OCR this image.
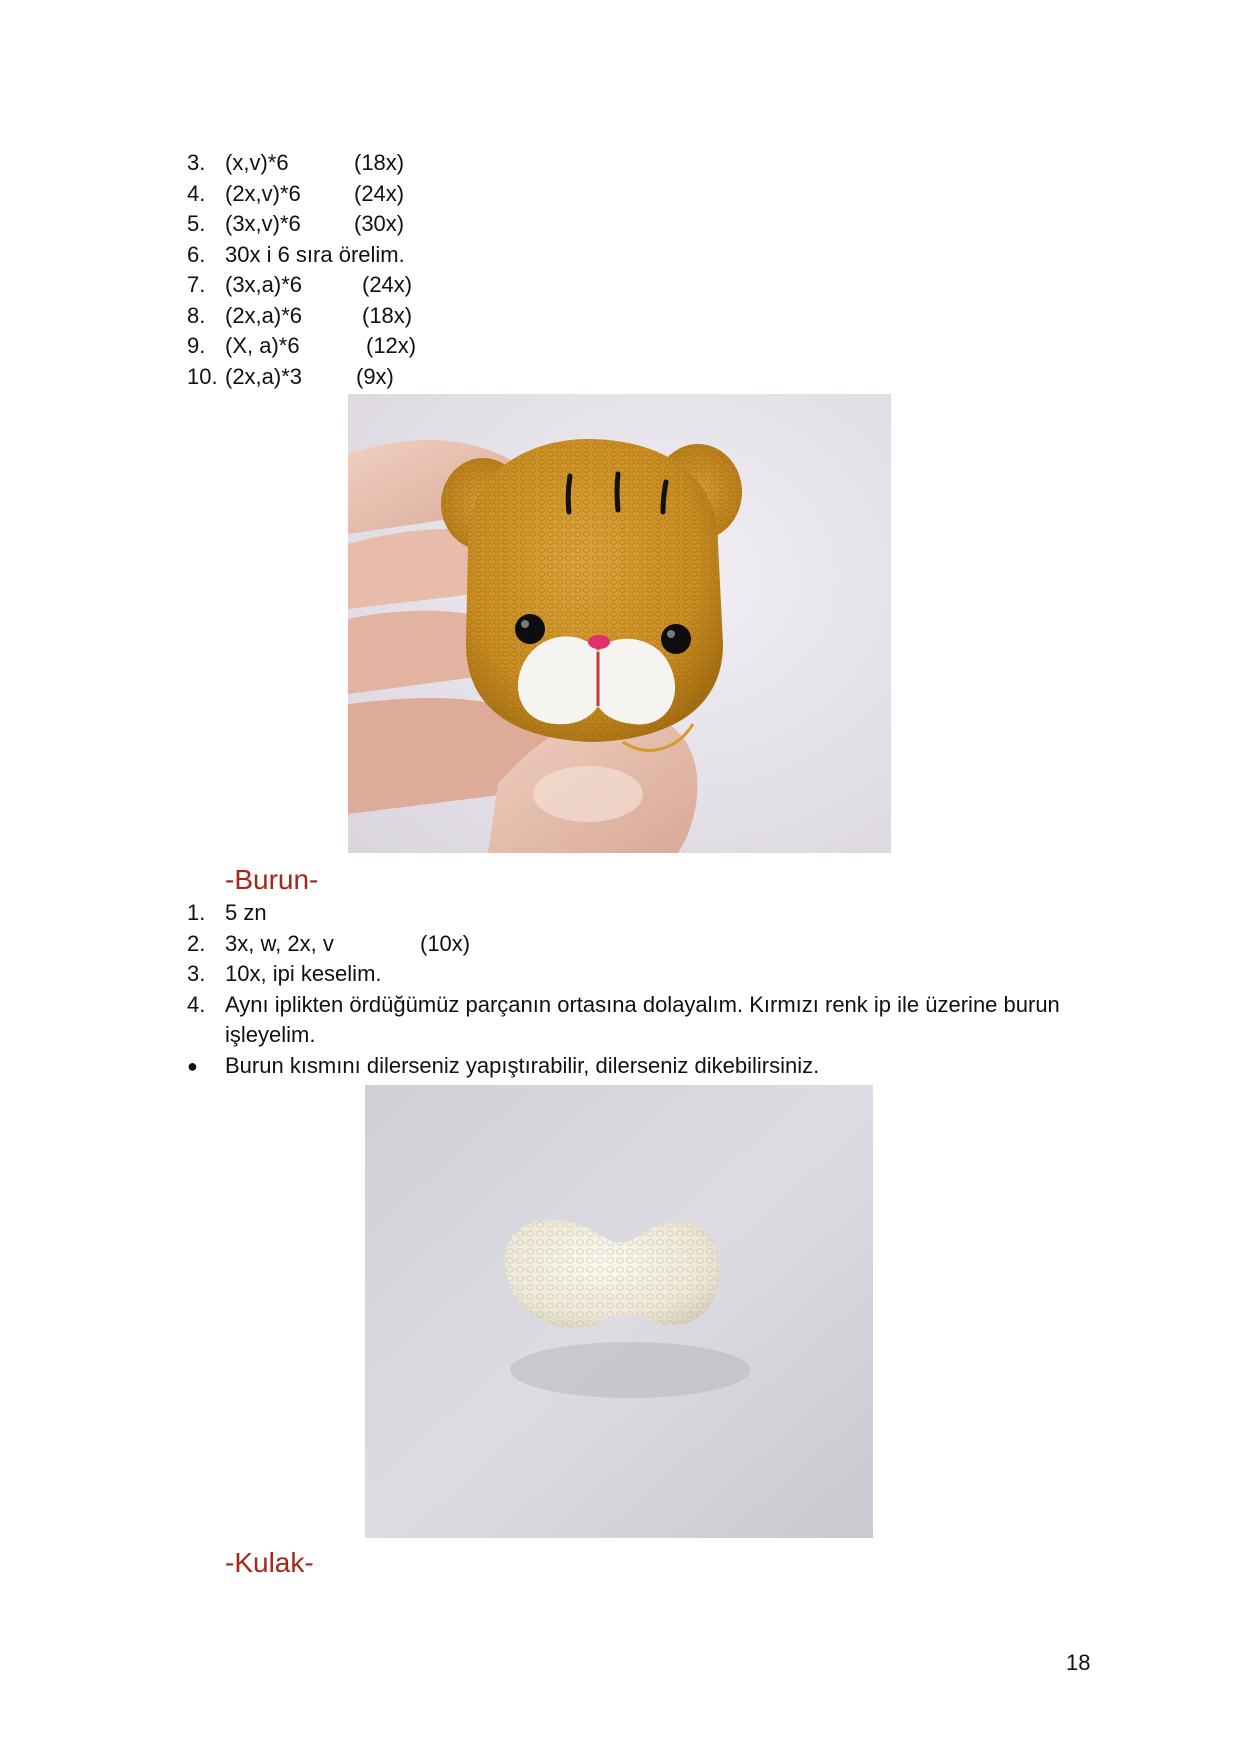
3. (x,v)*6	(18x)
4. (2x,v)*6 (24x)
5. (3x,v)*6 (30x)
6. 30x i 6 sıra örelim.
7. (3x,a)*6	(24x)
8. (2x,a)*6	(18x)
9. (X, a)*6	(12x)
10. (2x,a)*3 (9x)
-Burun-
1. 5 zn
2. 3x, w, 2x, v	(10x)
3. 10x, ipi keselim.
4. Aynı iplikten ördüğümüz parçanın ortasına dolayalım. Kırmızı renk ip ile üzerine burun işleyelim.
● Burun kısmını dilerseniz yapıştırabilir, dilerseniz dikebilirsiniz.
-Kulak-
18
